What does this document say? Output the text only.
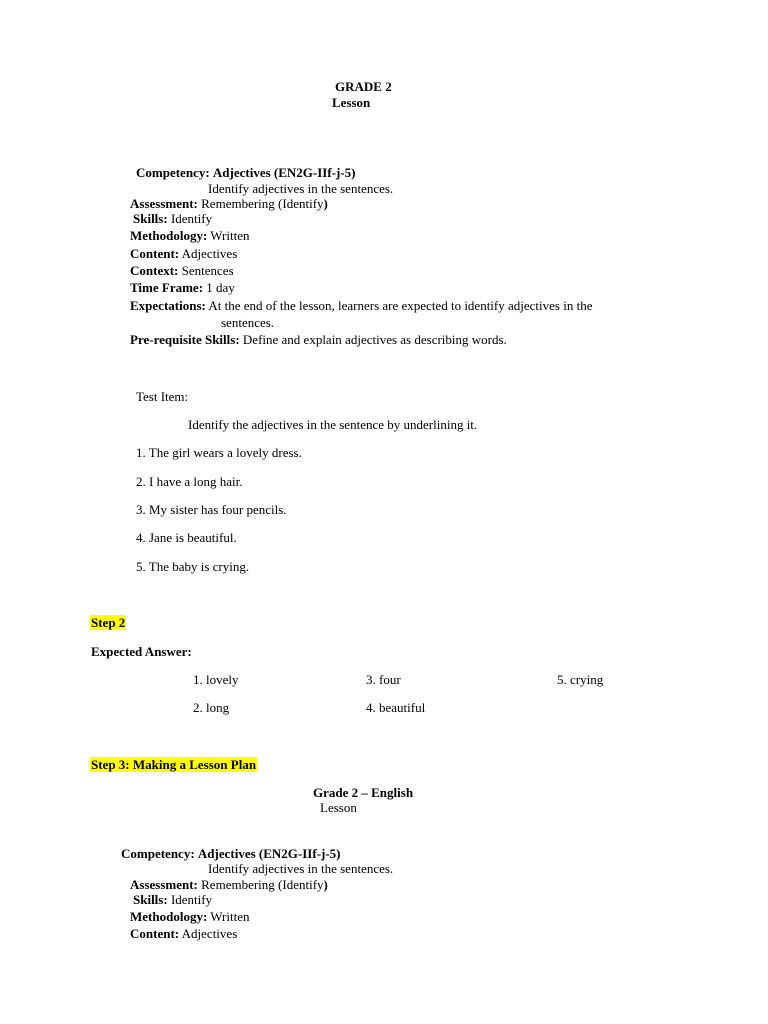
GRADE 2
Lesson
Competency: Adjectives (EN2G-IIf-j-5)
Identify adjectives in the sentences.
Assessment: Remembering (Identify)
Skills: Identify
Methodology: Written
Content: Adjectives
Context: Sentences
Time Frame: 1 day
Expectations: At the end of the lesson, learners are expected to identify adjectives in the
sentences.
Pre-requisite Skills: Define and explain adjectives as describing words.
Test Item:
Identify the adjectives in the sentence by underlining it.
1. The girl wears a lovely dress.
2. I have a long hair.
3. My sister has four pencils.
4. Jane is beautiful.
5. The baby is crying.
Step 2
Expected Answer:
1. lovely	3. four	5. crying
2. long	4. beautiful
Step 3: Making a Lesson Plan
Grade 2 – English
Lesson
Competency: Adjectives (EN2G-IIf-j-5)
Identify adjectives in the sentences.
Assessment: Remembering (Identify)
Skills: Identify
Methodology: Written
Content: Adjectives
